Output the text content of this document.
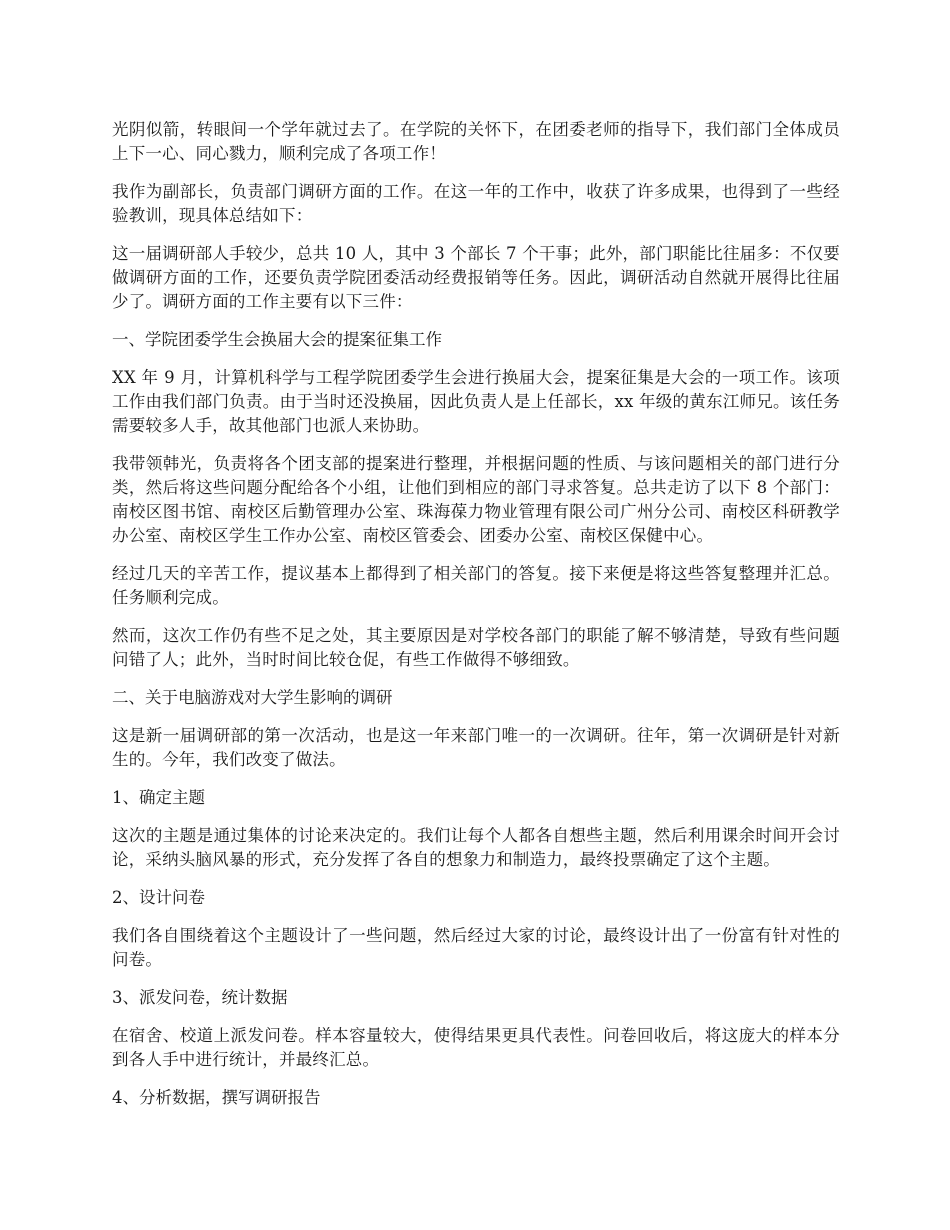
光阴似箭，转眼间一个学年就过去了。在学院的关怀下，在团委老师的指导下，我们部门全体成员上下一心、同心戮力，顺利完成了各项工作！

我作为副部长，负责部门调研方面的工作。在这一年的工作中，收获了许多成果，也得到了一些经验教训，现具体总结如下：

这一届调研部人手较少，总共 10 人，其中 3 个部长 7 个干事；此外，部门职能比往届多：不仅要做调研方面的工作，还要负责学院团委活动经费报销等任务。因此，调研活动自然就开展得比往届少了。调研方面的工作主要有以下三件：

一、学院团委学生会换届大会的提案征集工作

XX 年 9 月，计算机科学与工程学院团委学生会进行换届大会，提案征集是大会的一项工作。该项工作由我们部门负责。由于当时还没换届，因此负责人是上任部长，xx 年级的黄东江师兄。该任务需要较多人手，故其他部门也派人来协助。

我带领韩光，负责将各个团支部的提案进行整理，并根据问题的性质、与该问题相关的部门进行分类，然后将这些问题分配给各个小组，让他们到相应的部门寻求答复。总共走访了以下 8 个部门：南校区图书馆、南校区后勤管理办公室、珠海葆力物业管理有限公司广州分公司、南校区科研教学办公室、南校区学生工作办公室、南校区管委会、团委办公室、南校区保健中心。

经过几天的辛苦工作，提议基本上都得到了相关部门的答复。接下来便是将这些答复整理并汇总。任务顺利完成。

然而，这次工作仍有些不足之处，其主要原因是对学校各部门的职能了解不够清楚，导致有些问题问错了人；此外，当时时间比较仓促，有些工作做得不够细致。

二、关于电脑游戏对大学生影响的调研

这是新一届调研部的第一次活动，也是这一年来部门唯一的一次调研。往年，第一次调研是针对新生的。今年，我们改变了做法。

1、确定主题

这次的主题是通过集体的讨论来决定的。我们让每个人都各自想些主题，然后利用课余时间开会讨论，采纳头脑风暴的形式，充分发挥了各自的想象力和制造力，最终投票确定了这个主题。

2、设计问卷

我们各自围绕着这个主题设计了一些问题，然后经过大家的讨论，最终设计出了一份富有针对性的问卷。

3、派发问卷，统计数据

在宿舍、校道上派发问卷。样本容量较大，使得结果更具代表性。问卷回收后，将这庞大的样本分到各人手中进行统计，并最终汇总。

4、分析数据，撰写调研报告
